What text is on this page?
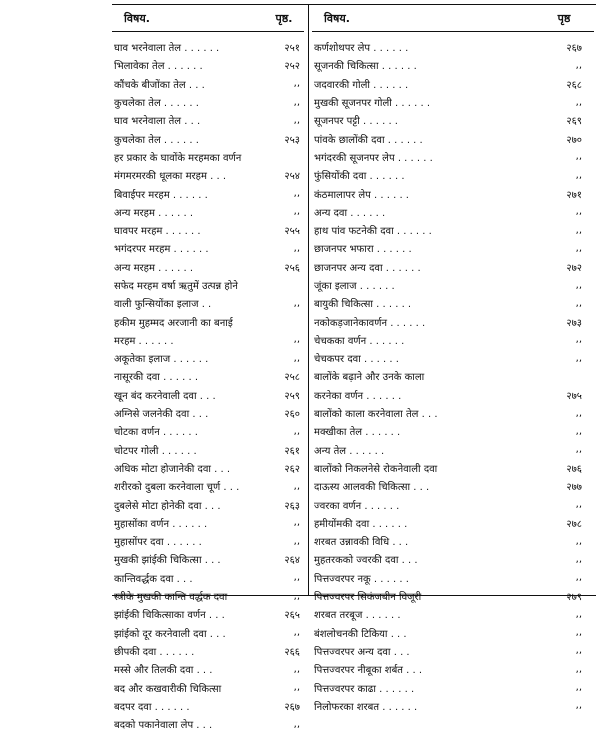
विषय.	पृष्ठ.
घाव भरनेवाला तेल . . . . . .	२५१
भिलावेका तेल . . . . . .	२५२
कौंचके बीजोंका तेल . . .	,,
कुचलेका तेल . . . . . .	,,
घाव भरनेवाला तेल . . .	,,
कुचलेका तेल . . . . . .	२५३
हर प्रकार के घावोंके मरहमका वर्णन
मंगमरमरकी धूलका मरहम . . .	२५४
बिवाईपर मरहम . . . . . .	,,
अन्य मरहम . . . . . .	,,
घावपर मरहम . . . . . .	२५५
भगंदरपर मरहम . . . . . .	,,
अन्य मरहम . . . . . .	२५६
सफेद मरहम वर्षा ऋतुमें उत्पन्न होने
वाली फुन्सियोंका इलाज . .	,,
हकीम मुहम्मद अरजानी का बनाई
मरहम . . . . . .	,,
अकूतेका इलाज . . . . . .	,,
नासूरकी दवा . . . . . .	२५८
खून बंद करनेवाली दवा . . .	२५९
अग्निसे जलनेकी दवा . . .	२६०
चोटका वर्णन . . . . . .	,,
चोटपर गोली . . . . . .	२६१
अधिक मोटा होजानेकी दवा . . .	२६२
शरीरको दुबला करनेवाला चूर्ण . . .	,,
दुबलेसे मोटा होनेकी दवा . . .	२६३
मुहासोंका वर्णन . . . . . .	,,
मुहासोंपर दवा . . . . . .	,,
मुखकी झांईकी चिकित्सा . . .	२६४
कान्तिवर्द्धक दवा . . .	,,
स्त्रीके मुखकी कान्ति वर्द्धक दवा	,,
झांईकी चिकित्साका वर्णन . . .	२६५
झांईको दूर करनेवाली दवा . . .	,,
छीपकी दवा . . . . . .	२६६
मस्से और तिलकी दवा . . .	,,
बद और कखवारीकी चिकित्सा	,,
बदपर दवा . . . . . .	२६७
बदको पकानेवाला लेप . . .	,,
विषय.	पृष्ठ
कर्णशोथपर लेप . . . . . .	२६७
सूजनकी चिकित्सा . . . . . .	,,
जदवारकी गोली . . . . . .	२६८
मुखकी सूजनपर गोली . . . . . .	,,
सूजनपर पट्टी . . . . . .	२६९
पांवके छालोंकी दवा . . . . . .	२७०
भगंदरकी सूजनपर लेप . . . . . .	,,
फुंसियोंकी दवा . . . . . .	,,
कंठमालापर लेप . . . . . .	२७१
अन्य दवा . . . . . .	,,
हाथ पांव फटनेकी दवा . . . . . .	,,
छाजनपर भफारा . . . . . .	,,
छाजनपर अन्य दवा . . . . . .	२७२
जूंका इलाज . . . . . .	,,
बायुकी चिकित्सा . . . . . .	,,
नकोकड़जानेकावर्णन . . . . . .	२७३
चेचकका वर्णन . . . . . .	,,
चेचकपर दवा . . . . . .	,,
बालोंके बढ़ाने और उनके काला
करनेका वर्णन . . . . . .	२७५
बालोंको काला करनेवाला तेल . . .	,,
मक्खीका तेल . . . . . .	,,
अन्य तेल . . . . . .	,,
बालोंको निकलनेसे रोकनेवाली दवा	२७६
दाऊस्य आलवकी चिकित्सा . . .	२७७
ज्वरका वर्णन . . . . . .	,,
हमीयोंमकी दवा . . . . . .	२७८
शरबत उन्नावकी विधि . . .	,,
मुहतरकको ज्वरकी दवा . . .	,,
पित्तज्वरपर नकू . . . . . .	,,
पित्तज्वरपर सिकंजबीन विजूरी	२७९
शरबत तरबूज . . . . . .	,,
बंशलोचनकी टिकिया . . .	,,
पित्तज्वरपर अन्य दवा . . .	,,
पित्तज्वरपर नीबूका शर्बत . . .	,,
पित्तज्वरपर काढा . . . . . .	,,
निलोफरका शरबत . . . . . .	,,
